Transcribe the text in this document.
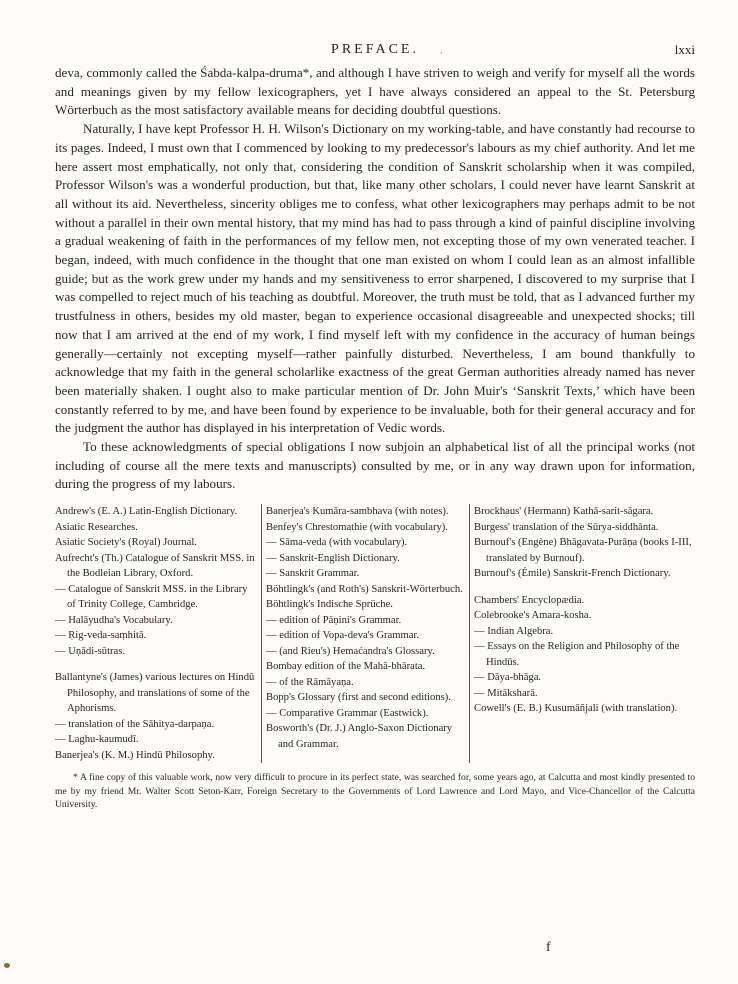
PREFACE.	·	lxxi

deva, commonly called the Śabda-kalpa-druma*, and although I have striven to weigh and verify for myself all the words and meanings given by my fellow lexicographers, yet I have always considered an appeal to the St. Petersburg Wörterbuch as the most satisfactory available means for deciding doubtful questions.

Naturally, I have kept Professor H. H. Wilson's Dictionary on my working-table, and have constantly had recourse to its pages. Indeed, I must own that I commenced by looking to my predecessor's labours as my chief authority. And let me here assert most emphatically, not only that, considering the condition of Sanskrit scholarship when it was compiled, Professor Wilson's was a wonderful production, but that, like many other scholars, I could never have learnt Sanskrit at all without its aid. Nevertheless, sincerity obliges me to confess, what other lexicographers may perhaps admit to be not without a parallel in their own mental history, that my mind has had to pass through a kind of painful discipline involving a gradual weakening of faith in the performances of my fellow men, not excepting those of my own venerated teacher. I began, indeed, with much confidence in the thought that one man existed on whom I could lean as an almost infallible guide; but as the work grew under my hands and my sensitiveness to error sharpened, I discovered to my surprise that I was compelled to reject much of his teaching as doubtful. Moreover, the truth must be told, that as I advanced further my trustfulness in others, besides my old master, began to experience occasional disagreeable and unexpected shocks; till now that I am arrived at the end of my work, I find myself left with my confidence in the accuracy of human beings generally—certainly not excepting myself—rather painfully disturbed. Nevertheless, I am bound thankfully to acknowledge that my faith in the general scholarlike exactness of the great German authorities already named has never been materially shaken. I ought also to make particular mention of Dr. John Muir's ‘Sanskrit Texts,’ which have been constantly referred to by me, and have been found by experience to be invaluable, both for their general accuracy and for the judgment the author has displayed in his interpretation of Vedic words.

To these acknowledgments of special obligations I now subjoin an alphabetical list of all the principal works (not including of course all the mere texts and manuscripts) consulted by me, or in any way drawn upon for information, during the progress of my labours.

Andrew's (E. A.) Latin-English Dictionary.
Asiatic Researches.
Asiatic Society's (Royal) Journal.
Aufrecht's (Th.) Catalogue of Sanskrit MSS. in the Bodleian Library, Oxford.
— Catalogue of Sanskrit MSS. in the Library of Trinity College, Cambridge.
— Halāyudha's Vocabulary.
— Ṛig-veda-saṃhitā.
— Uṇādi-sūtras.
Ballantyne's (James) various lectures on Hindū Philosophy, and translations of some of the Aphorisms.
— translation of the Sāhitya-darpaṇa.
— Laghu-kaumudī.
Banerjea's (K. M.) Hindū Philosophy.
Banerjea's Kumāra-sambhava (with notes).
Benfey's Chrestomathie (with vocabulary).
— Sāma-veda (with vocabulary).
— Sanskrit-English Dictionary.
— Sanskrit Grammar.
Böhtlingk's (and Roth's) Sanskrit-Wörterbuch.
Böhtlingk's Indische Sprüche.
— edition of Pāṇini's Grammar.
— edition of Vopa-deva's Grammar.
— (and Rieu's) Hemaćandra's Glossary.
Bombay edition of the Mahā-bhārata.
— of the Rāmāyaṇa.
Bopp's Glossary (first and second editions).
— Comparative Grammar (Eastwick).
Bosworth's (Dr. J.) Anglo-Saxon Dictionary and Grammar.
Brockhaus' (Hermann) Kathā-sarit-sāgara.
Burgess' translation of the Sūrya-siddhānta.
Burnouf's (Engène) Bhāgavata-Purāṇa (books I-III, translated by Burnouf).
Burnouf's (Émile) Sanskrit-French Dictionary.
Chambers' Encyclopædia.
Colebrooke's Amara-kosha.
— Indian Algebra.
— Essays on the Religion and Philosophy of the Hindūs.
— Dāya-bhāga.
— Mitāksharā.
Cowell's (E. B.) Kusumāñjali (with translation).
* A fine copy of this valuable work, now very difficult to procure in its perfect state, was searched for, some years ago, at Calcutta and most kindly presented to me by my friend Mr. Walter Scott Seton-Karr, Foreign Secretary to the Governments of Lord Lawrence and Lord Mayo, and Vice-Chancellor of the Calcutta University.
f
